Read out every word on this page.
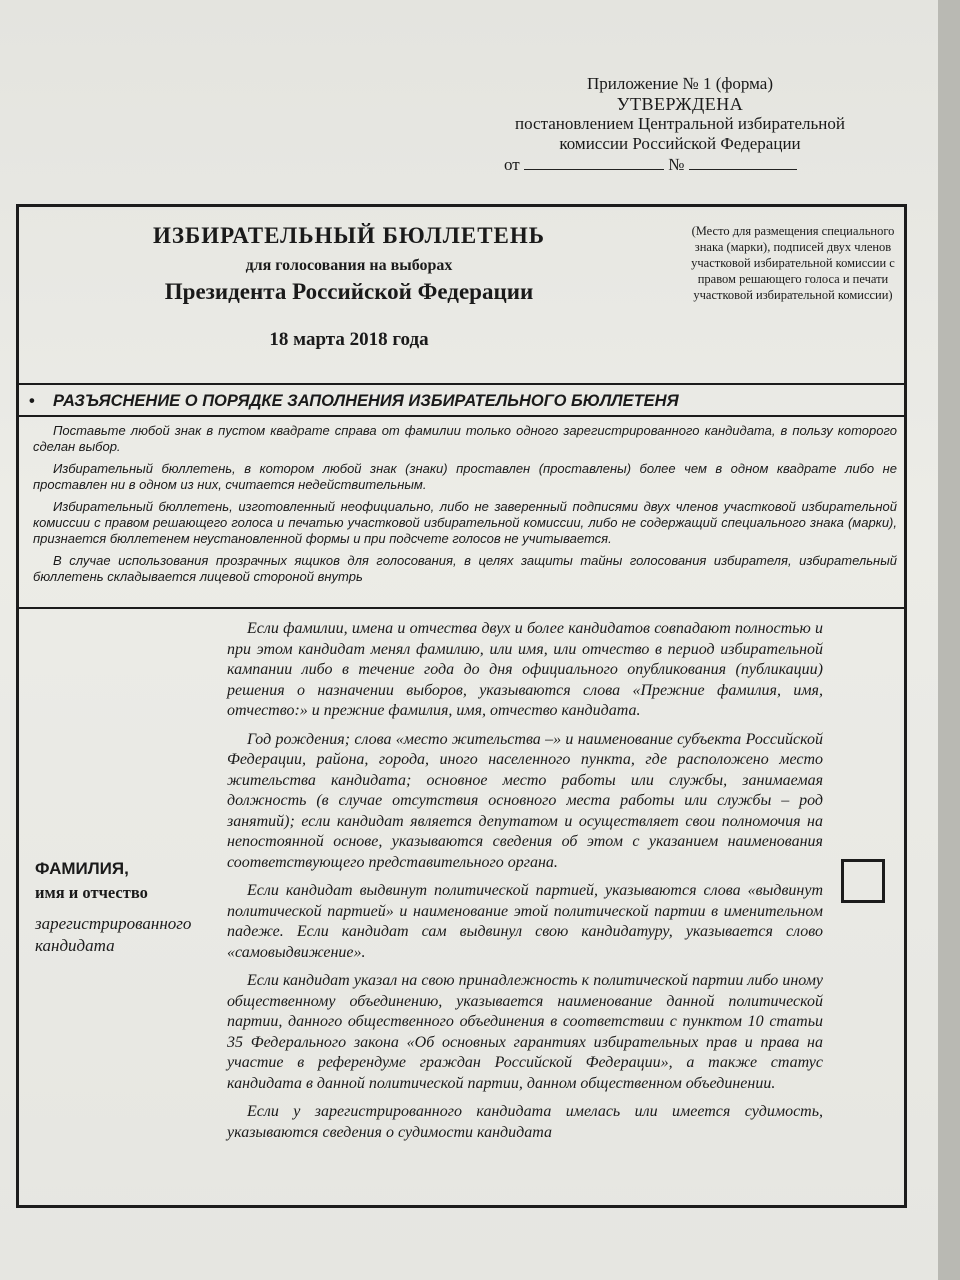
Приложение № 1 (форма)
УТВЕРЖДЕНА
постановлением Центральной избирательной
комиссии Российской Федерации
от	№
ИЗБИРАТЕЛЬНЫЙ БЮЛЛЕТЕНЬ
для голосования на выборах
Президента Российской Федерации
18 марта 2018 года
(Место для размещения специального знака (марки), подписей двух членов участковой избирательной комиссии с правом решающего голоса и печати участковой избирательной комиссии)
• РАЗЪЯСНЕНИЕ О ПОРЯДКЕ ЗАПОЛНЕНИЯ ИЗБИРАТЕЛЬНОГО БЮЛЛЕТЕНЯ

Поставьте любой знак в пустом квадрате справа от фамилии только одного зарегистрированного кандидата, в пользу которого сделан выбор.

Избирательный бюллетень, в котором любой знак (знаки) проставлен (проставлены) более чем в одном квадрате либо не проставлен ни в одном из них, считается недействительным.

Избирательный бюллетень, изготовленный неофициально, либо не заверенный подписями двух членов участковой избирательной комиссии с правом решающего голоса и печатью участковой избирательной комиссии, либо не содержащий специального знака (марки), признается бюллетенем неустановленной формы и при подсчете голосов не учитывается.

В случае использования прозрачных ящиков для голосования, в целях защиты тайны голосования избирателя, избирательный бюллетень складывается лицевой стороной внутрь

ФАМИЛИЯ,
имя и отчество
зарегистрированного кандидата

Если фамилии, имена и отчества двух и более кандидатов совпадают полностью и при этом кандидат менял фамилию, или имя, или отчество в период избирательной кампании либо в течение года до дня официального опубликования (публикации) решения о назначении выборов, указываются слова «Прежние фамилия, имя, отчество:» и прежние фамилия, имя, отчество кандидата.

Год рождения; слова «место жительства –» и наименование субъекта Российской Федерации, района, города, иного населенного пункта, где расположено место жительства кандидата; основное место работы или службы, занимаемая должность (в случае отсутствия основного места работы или службы – род занятий); если кандидат является депутатом и осуществляет свои полномочия на непостоянной основе, указываются сведения об этом с указанием наименования соответствующего представительного органа.

Если кандидат выдвинут политической партией, указываются слова «выдвинут политической партией» и наименование этой политической партии в именительном падеже. Если кандидат сам выдвинул свою кандидатуру, указывается слово «самовыдвижение».

Если кандидат указал на свою принадлежность к политической партии либо иному общественному объединению, указывается наименование данной политической партии, данного общественного объединения в соответствии с пунктом 10 статьи 35 Федерального закона «Об основных гарантиях избирательных прав и права на участие в референдуме граждан Российской Федерации», а также статус кандидата в данной политической партии, данном общественном объединении.

Если у зарегистрированного кандидата имелась или имеется судимость, указываются сведения о судимости кандидата
